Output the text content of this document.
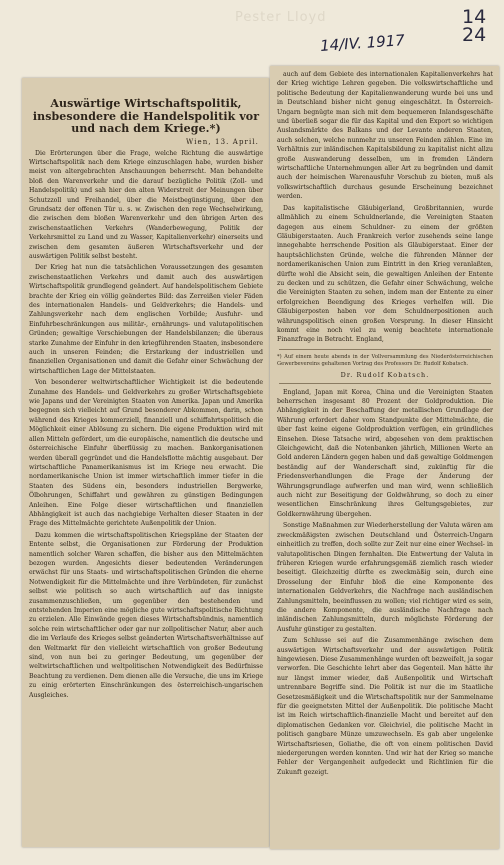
Pester Lloyd
14/IV. 1917
14 24
Auswärtige Wirtschaftspolitik, insbesondere die Handelspolitik vor und nach dem Kriege.*)
Wien, 13. April.

Die Erörterungen über die Frage, welche Richtung die auswärtige Wirtschaftspolitik nach dem Kriege einzuschlagen habe, wurden bisher meist von altergebrachten Anschauungen beherrscht. Man behandelte bloß den Warenverkehr und die darauf bezügliche Politik (Zoll- und Handelspolitik) und sah hier den alten Widerstreit der Meinungen über Schutzzoll und Freihandel, über die Meistbegünstigung, über den Grundsatz der offenen Tür u. s. w. Zwischen den rege Wechselwirkung, die zwischen dem bloßen Warenverkehr und den übrigen Arten des zwischenstaatlichen Verkehrs (Wanderbewegung, Politik der Verkehrsmittel zu Land und zu Wasser, Kapitalienverkehr) einerseits und zwischen dem gesamten äußeren Wirtschaftsverkehr und der auswärtigen Politik selbst besteht.

Der Krieg hat nun die tatsächlichen Voraussetzungen des gesamten zwischenstaatlichen Verkehrs und damit auch des auswärtigen Wirtschaftspolitik grundlegend geändert. Auf handelspolitischem Gebiete brachte der Krieg ein völlig geändertes Bild: das Zerreißen vieler Fäden des internationalen Handels- und Geldverkehrs; die Handels- und Zahlungsverkehr nach dem englischen Vorbilde; Ausfuhr- und Einfuhrbeschränkungen aus militär-, ernährungs- und valutapolitischen Gründen; gewaltige Verschiebungen der Handelsbilanzen; die überaus starke Zunahme der Einfuhr in den kriegführenden Staaten, insbesondere auch in unseren Feinden; die Erstarkung der industriellen und finanziellen Organisationen und damit die Gefahr einer Schwächung der wirtschaftlichen Lage der Mittelstaaten.

Von besonderer weltwirtschaftlicher Wichtigkeit ist die bedeutende Zunahme des Handels- und Geldverkehrs zu großer Wirtschaftsgebiete wie Japans und der Vereinigten Staaten von Amerika. Japan und Amerika begegnen sich vielleicht auf Grund besonderer Abkommen, darin, schon während des Krieges kommerziell, finanziell und schiffahrtspolitisch die Möglichkeit einer Ablösung zu sichern. Die eigene Produktion wird mit allen Mitteln gefördert, um die europäische, namentlich die deutsche und österreichische Einfuhr überflüssig zu machen. Bankorganisationen werden überall gegründet und die Handelsflotte mächtig ausgebaut. Der wirtschaftliche Panamerikanismus ist im Kriege neu erwacht. Die nordamerikanische Union ist immer wirtschaftlich immer tiefer in die Staaten des Südens ein, besonders industriellen Bergwerke, Ölbohrungen, Schiffahrt und gewähren zu günstigen Bedingungen Anleihen. Eine Folge dieser wirtschaftlichen und finanziellen Abhängigkeit ist auch das nachgiebige Verhalten dieser Staaten in der Frage des Mittelmächte gerichtete Außenpolitik der Union.

Dazu kommen die wirtschaftspolitischen Kriegspläne der Staaten der Entente selbst, die Organisationen zur Förderung der Produktion namentlich solcher Waren schaffen, die bisher aus den Mittelmächten bezogen wurden. Angesichts dieser bedeutenden Veränderungen erwächst für uns Staats- und wirtschaftspolitischen Gründen die eherne Notwendigkeit für die Mittelmächte und ihre Verbündeten, für zunächst selbst wie politisch so auch wirtschaftlich auf das innigste zusammenzuschließen, um gegenüber den bestehenden und entstehenden Imperien eine mögliche gute wirtschaftspolitische Richtung zu erzielen. Alle Einwände gegen dieses Wirtschaftsbündnis, namentlich solche rein wirtschaftlicher oder gar nur zollpolitischer Natur, aber auch die im Verlaufe des Krieges selbst geänderten Wirtschaftsverhältnisse auf den Weltmarkt für den vielleicht wirtschaftlich von großer Bedeutung sind, von nun bei zu geringer Bedeutung, um gegenüber der weltwirtschaftlichen und weltpolitischen Notwendigkeit des Bedürfnisse Beachtung zu verdienen. Dem dienen alle die Versuche, die uns im Kriege zu einig erörterten Einschränkungen des österreichisch-ungarischen Ausgleiches.

auch auf dem Gebiete des internationalen Kapitalienverkehrs hat der Krieg wichtige Lehren gegeben. Die volkswirtschaftliche und politische Bedeutung der Kapitalienwanderung wurde bei uns und in Deutschland bisher nicht genug eingeschätzt. In Österreich-Ungarn begnügte man sich mit dem bequemeren Inlandsgeschäfte und überließ sogar die für das Kapital und den Export so wichtigen Auslandsmärkte des Balkans und der Levante anderen Staaten, auch solchen, welche nunmehr zu unseren Feinden zählen. Eine im Verhältnis zur inländischen Kapitalsbildung zu kapitalist nicht allzu große Auswanderung desselben, um in fremden Ländern wirtschaftliche Unternehmungen aller Art zu begründen und damit auch der heimischen Warenausfuhr Vorschub zu bieten, muß als volkswirtschaftlich durchaus gesunde Erscheinung bezeichnet werden.

Das kapitalistische Gläubigerland, Großbritannien, wurde allmählich zu einem Schuldnerlande, die Vereinigten Staaten dagegen aus einem Schuldner- zu einem der größten Gläubigerstaaten. Auch Frankreich verlor zusehends seine lange innegehabte herrschende Position als Gläubigerstaat. Einer der hauptsächlichsten Gründe, welche die führenden Männer der nordamerikanischen Union zum Eintritt in den Krieg veranlaßten, dürfte wohl die Absicht sein, die gewaltigen Anleihen der Entente zu decken und zu schützen, die Gefahr einer Schwächung, welche die Vereinigten Staaten zu sehen, indem man der Entente zu einer erfolgreichen Beendigung des Krieges verhelfen will. Die Gläubigerposten haben vor dem Schuldnerpositionen auch währungspolitisch einen großen Vorsprung. In dieser Hinsicht kommt eine noch viel zu wenig beachtete internationale Finanzfrage in Betracht. England,

*) Auf einem heute abends in der Vollversammlung des Niederösterreichischen Gewerbevereins gehaltenen Vortrag des Professors Dr. Rudolf Kobatsch.

Dr. Rudolf Kobatsch.

England, Japan mit Korea, China und die Vereinigten Staaten beherrschen insgesamt 80 Prozent der Goldproduktion. Die Abhängigkeit in der Beschaffung der metallischen Grundlage der Währung erfordert daher vom Standpunkte der Mittelmächte, die über fast keine eigene Goldproduktion verfügen, ein gründliches Einsehen. Diese Tatsache wird, abgesehen von dem praktischen Gleichgewicht, daß die Notenbanken jährlich, Millionen Werte an Gold anderen Ländern gegen haben und daß gewaltige Goldmengen beständig auf der Wanderschaft sind, zukünftig für die Friedensverhandlungen die Frage der Änderung der Währungsgrundlage aufwerfen und man wird, wenn schließlich auch nicht zur Beseitigung der Goldwährung, so doch zu einer wesentlichen Einschränkung ihres Geltungsgebietes, zur Goldkernwährung übergehen.

Sonstige Maßnahmen zur Wiederherstellung der Valuta wären am zweckmäßigsten zwischen Deutschland und Österreich-Ungarn einheitlich zu treffen, doch sollte zur Zeit nur eine einer Wechsel- in valutapolitischen Dingen fernhalten. Die Entwertung der Valuta in früheren Kriegen wurde erfahrungsgemäß ziemlich rasch wieder beseitigt. Gleichzeitig dürfte es zweckmäßig sein, durch eine Drosselung der Einfuhr bloß die eine Komponente des internationalen Geldverkehrs, die Nachfrage nach ausländischen Zahlungsmitteln, beeinflussen zu wollen; viel richtiger wird es sein, die andere Komponente, die ausländische Nachfrage nach inländischen Zahlungsmitteln, durch möglichste Förderung der Ausfuhr günstiger zu gestalten.

Zum Schlusse sei auf die Zusammenhänge zwischen dem auswärtigen Wirtschaftsverkehr und der auswärtigen Politik hingewiesen. Diese Zusammenhänge wurden oft bezweifelt, ja sogar verworfen. Die Geschichte lehrt aber das Gegenteil. Man hätte ihr nur längst immer wieder, daß Außenpolitik und Wirtschaft untrennbare Begriffe sind. Die Politik ist nur die im Staatliche Gesetzesmäßigkeit und die Wirtschaftspolitik nur der Sammelname für die geeignetsten Mittel der Außenpolitik. Die politische Macht ist im Reich wirtschaftlich-finanzielle Macht und bereitet auf den diplomatischen Gedanken vor. Gleichviel, die politische Macht in politisch gangbare Münze umzuwechseln. Es gab aber ungelenke Wirtschaftsriesen, Goliathe, die oft von einem politischen David niedergerungen werden konnten. Und wir hat der Krieg so manche Fehler der Vergangenheit aufgedeckt und Richtlinien für die Zukunft gezeigt.
